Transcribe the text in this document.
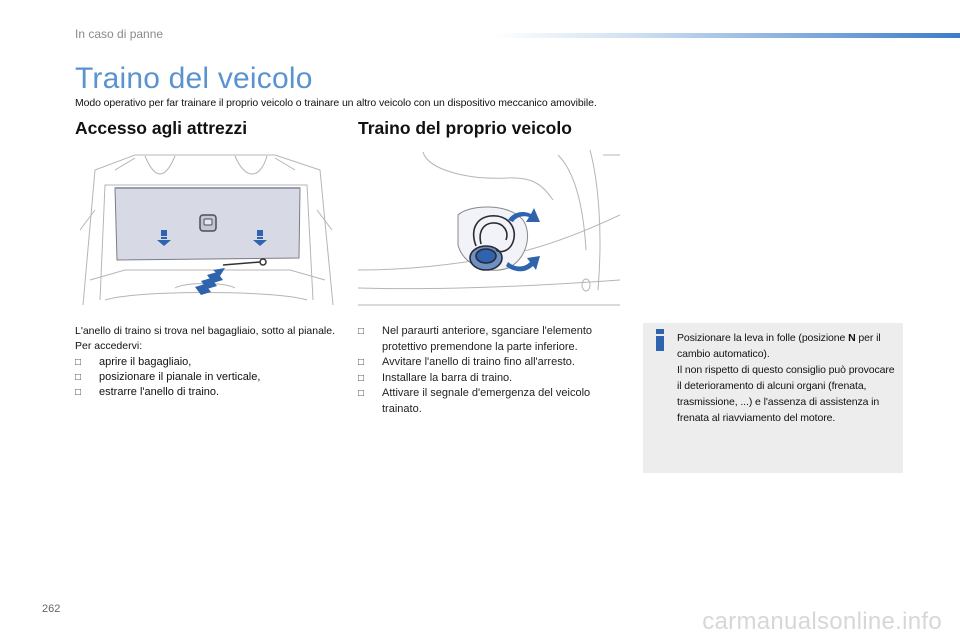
In caso di panne
Traino del veicolo
Modo operativo per far trainare il proprio veicolo o trainare un altro veicolo con un dispositivo meccanico amovibile.
Accesso agli attrezzi	Traino del proprio veicolo

L'anello di traino si trova nel bagagliaio, sotto al pianale.

Per accedervi:

□ aprire il bagagliaio,
□ posizionare il pianale in verticale,
□ estrarre l'anello di traino.
□ Nel paraurti anteriore, sganciare l'elemento protettivo premendone la parte inferiore.
□ Avvitare l'anello di traino fino all'arresto.
□ Installare la barra di traino.
□ Attivare il segnale d'emergenza del veicolo trainato.
Posizionare la leva in folle (posizione N per il cambio automatico).
Il non rispetto di questo consiglio può provocare il deterioramento di alcuni organi (frenata, trasmissione, ...) e l'assenza di assistenza in frenata al riavviamento del motore.
262	carmanualsonline.info
